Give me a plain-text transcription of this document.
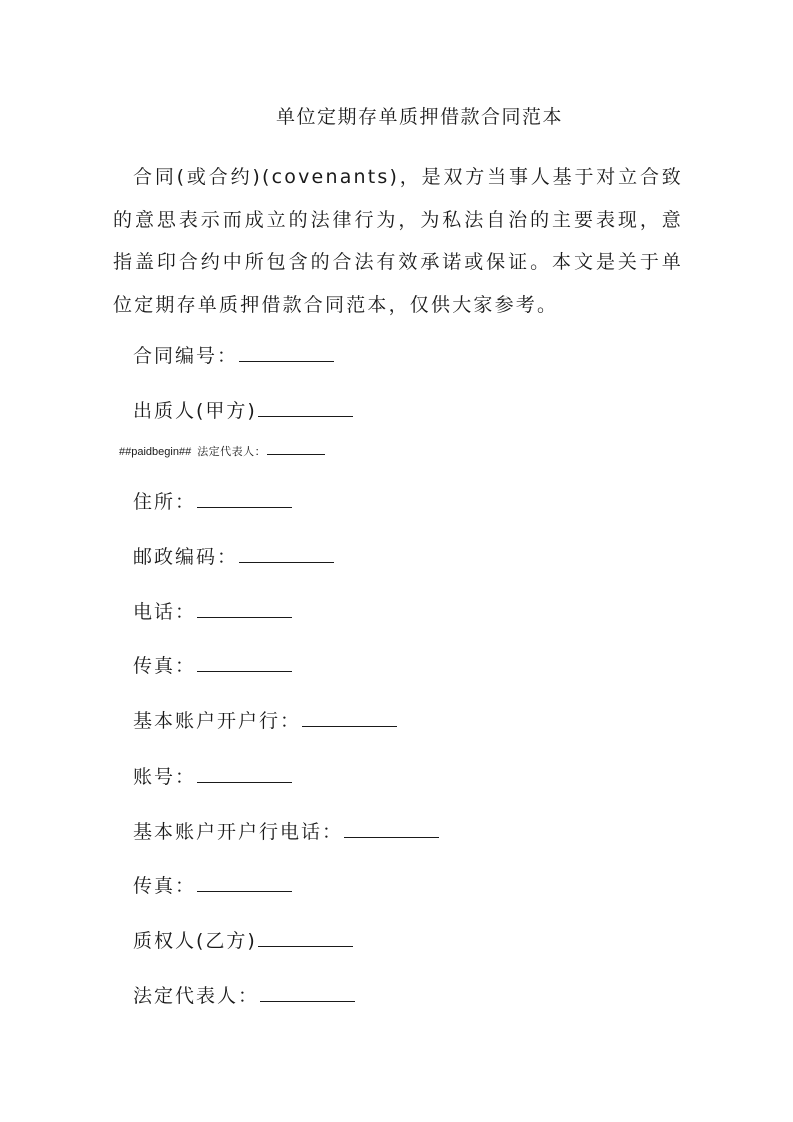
单位定期存单质押借款合同范本
合同(或合约)(covenants)，是双方当事人基于对立合致的意思表示而成立的法律行为，为私法自治的主要表现，意指盖印合约中所包含的合法有效承诺或保证。本文是关于单位定期存单质押借款合同范本，仅供大家参考。
合同编号：
出质人(甲方)
##paidbegin## 法定代表人：
住所：
邮政编码：
电话：
传真：
基本账户开户行：
账号：
基本账户开户行电话：
传真：
质权人(乙方)
法定代表人：
